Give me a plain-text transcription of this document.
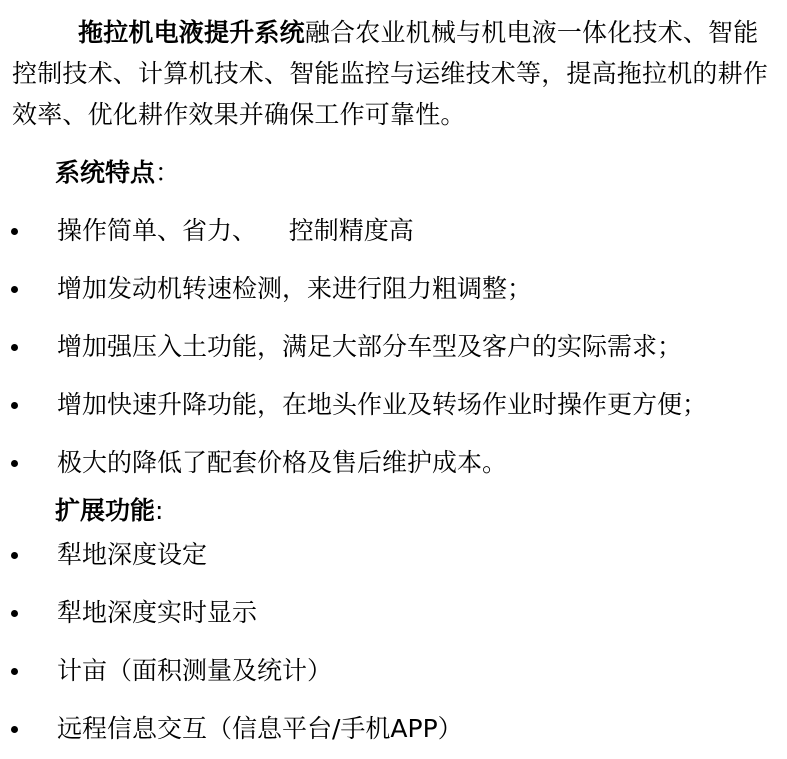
拖拉机电液提升系统融合农业机械与机电液一体化技术、智能控制技术、计算机技术、智能监控与运维技术等，提高拖拉机的耕作效率、优化耕作效果并确保工作可靠性。

系统特点：
操作简单、省力、    控制精度高
增加发动机转速检测，来进行阻力粗调整；
增加强压入土功能，满足大部分车型及客户的实际需求；
增加快速升降功能，在地头作业及转场作业时操作更方便；
极大的降低了配套价格及售后维护成本。
扩展功能:
犁地深度设定
犁地深度实时显示
计亩（面积测量及统计）
远程信息交互（信息平台/手机APP）
